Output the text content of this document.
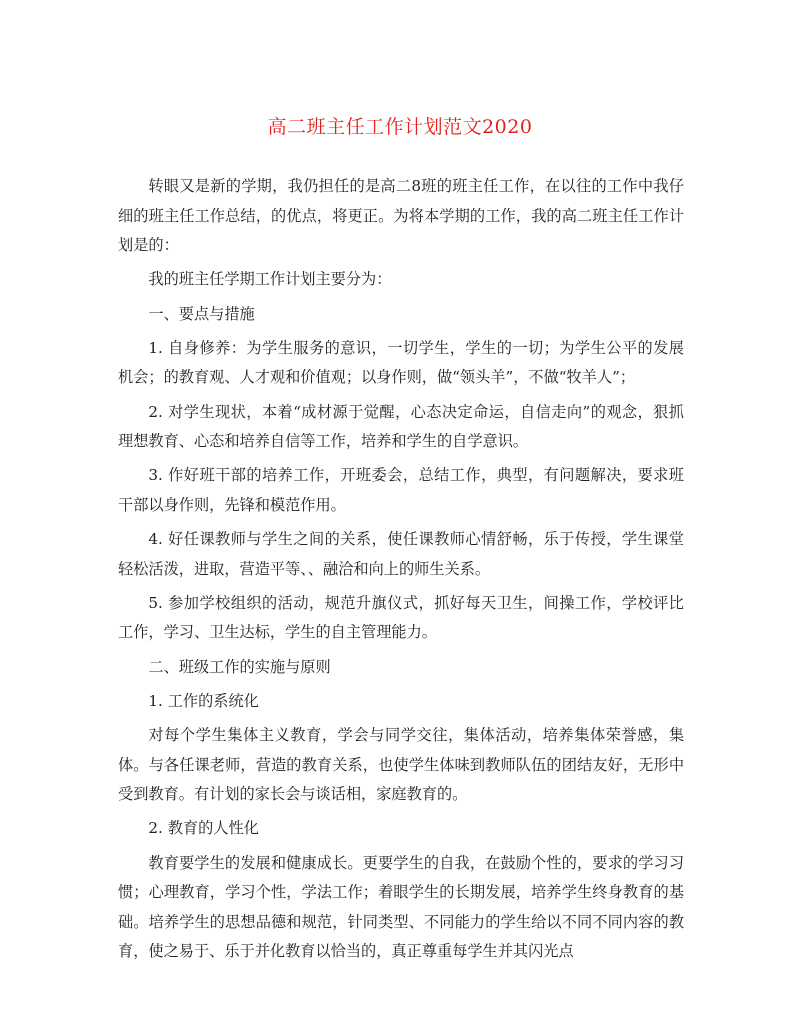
高二班主任工作计划范文2020

转眼又是新的学期，我仍担任的是高二8班的班主任工作，在以往的工作中我仔细的班主任工作总结，的优点，将更正。为将本学期的工作，我的高二班主任工作计划是的：

我的班主任学期工作计划主要分为：

一、要点与措施

1. 自身修养：为学生服务的意识，一切学生，学生的一切；为学生公平的发展机会；的教育观、人才观和价值观；以身作则，做“领头羊”，不做“牧羊人”；

2. 对学生现状，本着“成材源于觉醒，心态决定命运，自信走向”的观念，狠抓理想教育、心态和培养自信等工作，培养和学生的自学意识。

3. 作好班干部的培养工作，开班委会，总结工作，典型，有问题解决，要求班干部以身作则，先锋和模范作用。

4. 好任课教师与学生之间的关系，使任课教师心情舒畅，乐于传授，学生课堂轻松活泼，进取，营造平等、、融洽和向上的师生关系。

5. 参加学校组织的活动，规范升旗仪式，抓好每天卫生，间操工作，学校评比工作，学习、卫生达标，学生的自主管理能力。

二、班级工作的实施与原则

1. 工作的系统化

对每个学生集体主义教育，学会与同学交往，集体活动，培养集体荣誉感，集体。与各任课老师，营造的教育关系，也使学生体味到教师队伍的团结友好，无形中受到教育。有计划的家长会与谈话相，家庭教育的。

2. 教育的人性化

教育要学生的发展和健康成长。更要学生的自我，在鼓励个性的，要求的学习习惯；心理教育，学习个性，学法工作；着眼学生的长期发展，培养学生终身教育的基础。培养学生的思想品德和规范，针同类型、不同能力的学生给以不同不同内容的教育，使之易于、乐于并化教育以恰当的，真正尊重每学生并其闪光点
